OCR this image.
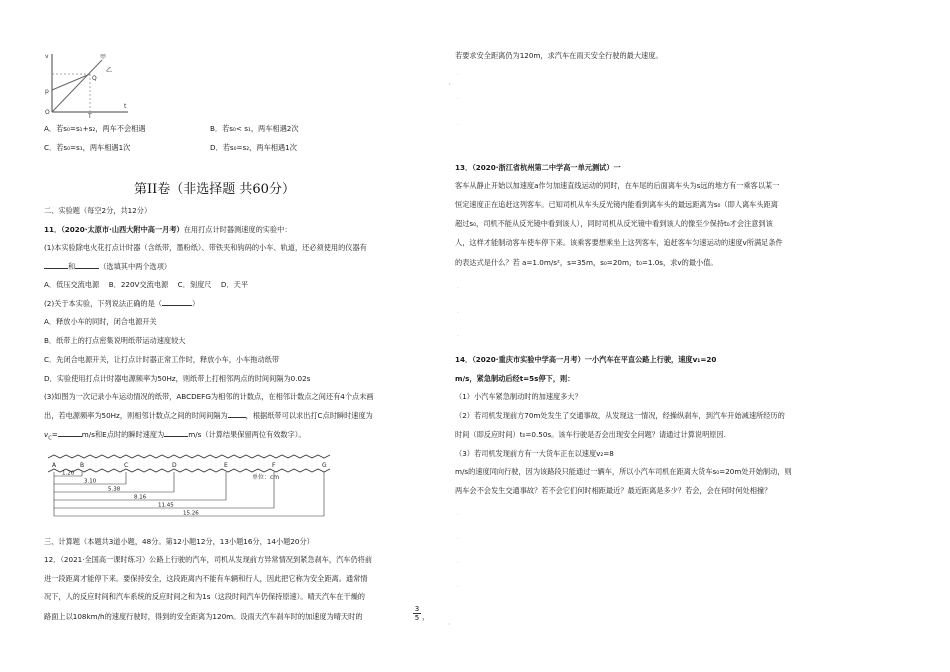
v
t
甲
乙
p
Q
O
T
A．若s₀=s₁+s₂，两车不会相遇	B．若s₀< s₁，两车相遇2次
C．若s₀=s₁，两车相遇1次	D．若s₀=s₂，两车相遇1次
第II卷（非选择题 共60分）
二、实验题（每空2分，共12分）
11．（2020·太原市·山西大附中高一月考）在用打点计时器测速度的实验中：
(1)本实验除电火花打点计时器（含纸带，墨粉纸）、带铁夹和钩码的小车、轨道，还必须使用的仪器有
和	（选填其中两个选项）
A．低压交流电源　 B．220V交流电源　 C．刻度尺　 D．天平
(2)关于本实验，下列说法正确的是（	）
A．释放小车的同时，闭合电源开关
B．纸带上的打点密集说明纸带运动速度较大
C．先闭合电源开关，让打点计时器正常工作时，释放小车，小车拖动纸带
D．实验使用打点计时器电源频率为50Hz，则纸带上打相邻两点的时间间隔为0.02s
(3)如图为一次记录小车运动情况的纸带，ABCDEFG为相邻的计数点，在相邻计数点之间还有4个点未画
出，若电源频率为50Hz，则相邻计数点之间的时间间隔为	，根据纸带可以求出打C点时瞬时速度为
$v_C=$	m/s和E点时的瞬时速度为	m/s（计算结果保留两位有效数字）。
A	B	C	D	E	F	G
1.20
3.10
5.38
8.16
11.45
15.26
单位：cm
三、计算题（本题共3道小题，48分。第12小题12分，13小题16分，14小题20分）
12．（2021·全国高一课时练习）公路上行驶的汽车，司机从发现前方异常情况到紧急刹车，汽车仍将前
进一段距离才能停下来。要保持安全，这段距离内不能有车辆和行人，因此把它称为安全距离。通常情
况下，人的反应时间和汽车系统的反应时间之和为1s（这段时间汽车仍保持原速）。晴天汽车在干燥的
路面上以108km/h的速度行驶时，得到的安全距离为120m。设雨天汽车刹车时的加速度为晴天时的	$\frac{3}{5}$ ，
·
·
若要求安全距离仍为120m，求汽车在雨天安全行驶的最大速度。
·
·
·
13．（2020·浙江省杭州第二中学高一单元测试）一
客车从静止开始以加速度a作匀加速直线运动的同时，在车尾的后面离车头为s远的地方有一乘客以某一
恒定速度正在追赶这列客车。已知司机从车头反光镜内能看到离车头的最远距离为s₀（即人离车头距离
超过s₀，司机不能从反光镜中看到该人），同时司机从反光镜中看到该人的像至少保持t₀才会注意到该
人，这样才能制动客车使车停下来。该乘客要想乘坐上这列客车，追赶客车匀速运动的速度v所满足条件
的表达式是什么？若 a=1.0m/s²，s=35m，s₀=20m，t₀=1.0s，求v的最小值。
·
·
·
14．（2020·重庆市实验中学高一月考）一小汽车在平直公路上行驶，速度v₁=20
m/s，紧急制动后经t=5s停下，则：
（1）小汽车紧急制动时的加速度多大？
（2）若司机发现前方70m处发生了交通事故，从发现这一情况，经操纵刹车，到汽车开始减速所经历的
时间（即反应时间）t₀=0.50s。该车行驶是否会出现安全问题？请通过计算说明原因.
（3）若司机发现前方有一大货车正在以速度v₂=8
m/s的速度同向行驶，因为该路段只能通过一辆车，所以小汽车司机在距离大货车s₀=20m处开始制动，则
两车会不会发生交通事故？若不会它们何时相距最近？最近距离是多少？若会，会在何时何处相撞？
·
·
·
·
